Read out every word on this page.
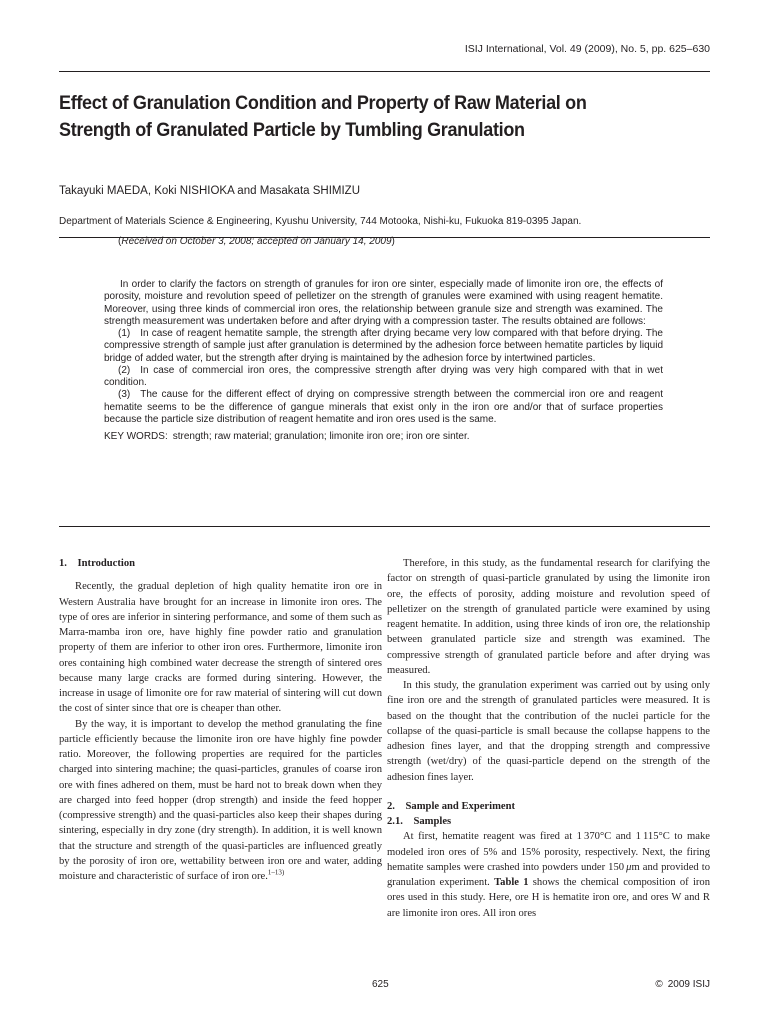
ISIJ International, Vol. 49 (2009), No. 5, pp. 625–630
Effect of Granulation Condition and Property of Raw Material on
Strength of Granulated Particle by Tumbling Granulation
Takayuki MAEDA, Koki NISHIOKA and Masakata SHIMIZU
Department of Materials Science & Engineering, Kyushu University, 744 Motooka, Nishi-ku, Fukuoka 819-0395 Japan.
(Received on October 3, 2008; accepted on January 14, 2009)

In order to clarify the factors on strength of granules for iron ore sinter, especially made of limonite iron ore, the effects of porosity, moisture and revolution speed of pelletizer on the strength of granules were examined with using reagent hematite. Moreover, using three kinds of commercial iron ores, the relationship between granule size and strength was examined. The strength measurement was undertaken before and after drying with a compression taster. The results obtained are follows:

(1) In case of reagent hematite sample, the strength after drying became very low compared with that before drying. The compressive strength of sample just after granulation is determined by the adhesion force between hematite particles by liquid bridge of added water, but the strength after drying is maintained by the adhesion force by intertwined particles.

(2) In case of commercial iron ores, the compressive strength after drying was very high compared with that in wet condition.

(3) The cause for the different effect of drying on compressive strength between the commercial iron ore and reagent hematite seems to be the difference of gangue minerals that exist only in the iron ore and/or that of surface properties because the particle size distribution of reagent hematite and iron ores used is the same.

KEY WORDS: strength; raw material; granulation; limonite iron ore; iron ore sinter.

1. Introduction

Recently, the gradual depletion of high quality hematite iron ore in Western Australia have brought for an increase in limonite iron ores. The type of ores are inferior in sintering performance, and some of them such as Marra-mamba iron ore, have highly fine powder ratio and granulation property of them are inferior to other iron ores. Furthermore, limonite iron ores containing high combined water decrease the strength of sintered ores because many large cracks are formed during sintering. However, the increase in usage of limonite ore for raw material of sintering will cut down the cost of sinter since that ore is cheaper than other.

By the way, it is important to develop the method granulating the fine particle efficiently because the limonite iron ore have highly fine powder ratio. Moreover, the following properties are required for the particles charged into sintering machine; the quasi-particles, granules of coarse iron ore with fines adhered on them, must be hard not to break down when they are charged into feed hopper (drop strength) and inside the feed hopper (compressive strength) and the quasi-particles also keep their shapes during sintering, especially in dry zone (dry strength). In addition, it is well known that the structure and strength of the quasi-particles are influenced greatly by the porosity of iron ore, wettability between iron ore and water, adding moisture and characteristic of surface of iron ore.$^{1-13)}$

Therefore, in this study, as the fundamental research for clarifying the factor on strength of quasi-particle granulated by using the limonite iron ore, the effects of porosity, adding moisture and revolution speed of pelletizer on the strength of granulated particle were examined by using reagent hematite. In addition, using three kinds of iron ore, the relationship between granulated particle size and strength was examined. The compressive strength of granulated particle before and after drying was measured.

In this study, the granulation experiment was carried out by using only fine iron ore and the strength of granulated particles were measured. It is based on the thought that the contribution of the nuclei particle for the collapse of the quasi-particle is small because the collapse happens to the adhesion fines layer, and that the dropping strength and compressive strength (wet/dry) of the quasi-particle depend on the strength of the adhesion fines layer.

2. Sample and Experiment
2.1. Samples

At first, hematite reagent was fired at 1 370°C and 1 115°C to make modeled iron ores of 5% and 15% porosity, respectively. Next, the firing hematite samples were crashed into powders under 150 μm and provided to granulation experiment. Table 1 shows the chemical composition of iron ores used in this study. Here, ore H is hematite iron ore, and ores W and R are limonite iron ores. All iron ores

625	© 2009 ISIJ
